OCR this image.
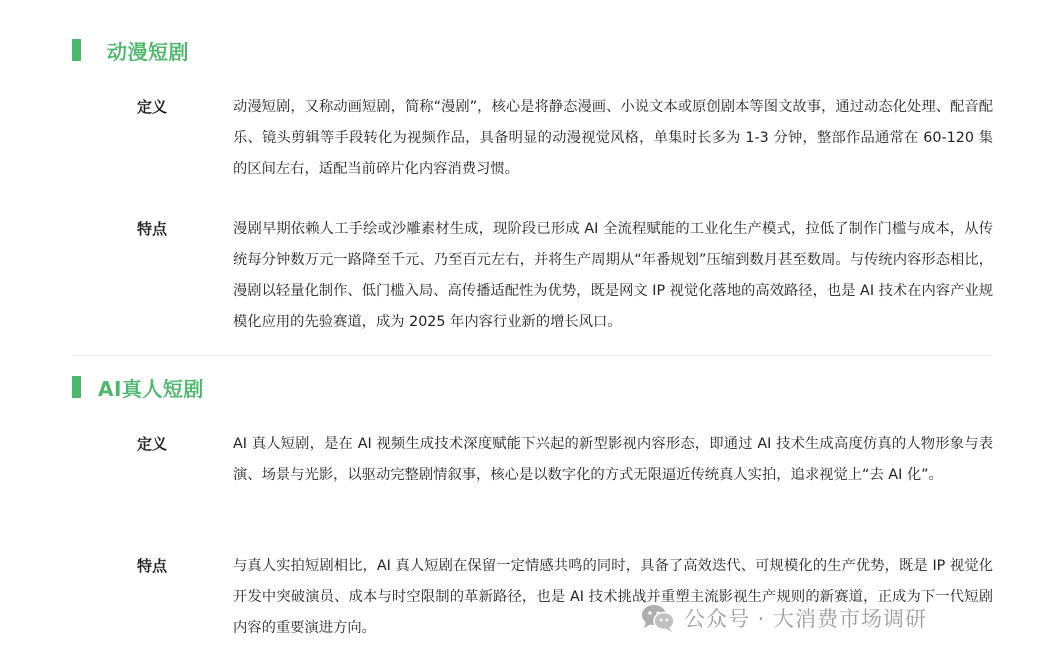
动漫短剧
定义	动漫短剧，又称动画短剧，简称“漫剧”，核心是将静态漫画、小说文本或原创剧本等图文故事，通过动态化处理、配音配乐、镜头剪辑等手段转化为视频作品，具备明显的动漫视觉风格，单集时长多为 1-3 分钟，整部作品通常在 60-120 集的区间左右，适配当前碎片化内容消费习惯。

特点	漫剧早期依赖人工手绘或沙雕素材生成，现阶段已形成 AI 全流程赋能的工业化生产模式，拉低了制作门槛与成本，从传统每分钟数万元一路降至千元、乃至百元左右，并将生产周期从“年番规划”压缩到数月甚至数周。与传统内容形态相比，漫剧以轻量化制作、低门槛入局、高传播适配性为优势，既是网文 IP 视觉化落地的高效路径，也是 AI 技术在内容产业规模化应用的先验赛道，成为 2025 年内容行业新的增长风口。

AI真人短剧
定义	AI 真人短剧，是在 AI 视频生成技术深度赋能下兴起的新型影视内容形态，即通过 AI 技术生成高度仿真的人物形象与表演、场景与光影，以驱动完整剧情叙事，核心是以数字化的方式无限逼近传统真人实拍，追求视觉上“去 AI 化”。

特点	与真人实拍短剧相比，AI 真人短剧在保留一定情感共鸣的同时，具备了高效迭代、可规模化的生产优势，既是 IP 视觉化开发中突破演员、成本与时空限制的革新路径，也是 AI 技术挑战并重塑主流影视生产规则的新赛道，正成为下一代短剧内容的重要演进方向。	公众号 · 大消费市场调研
